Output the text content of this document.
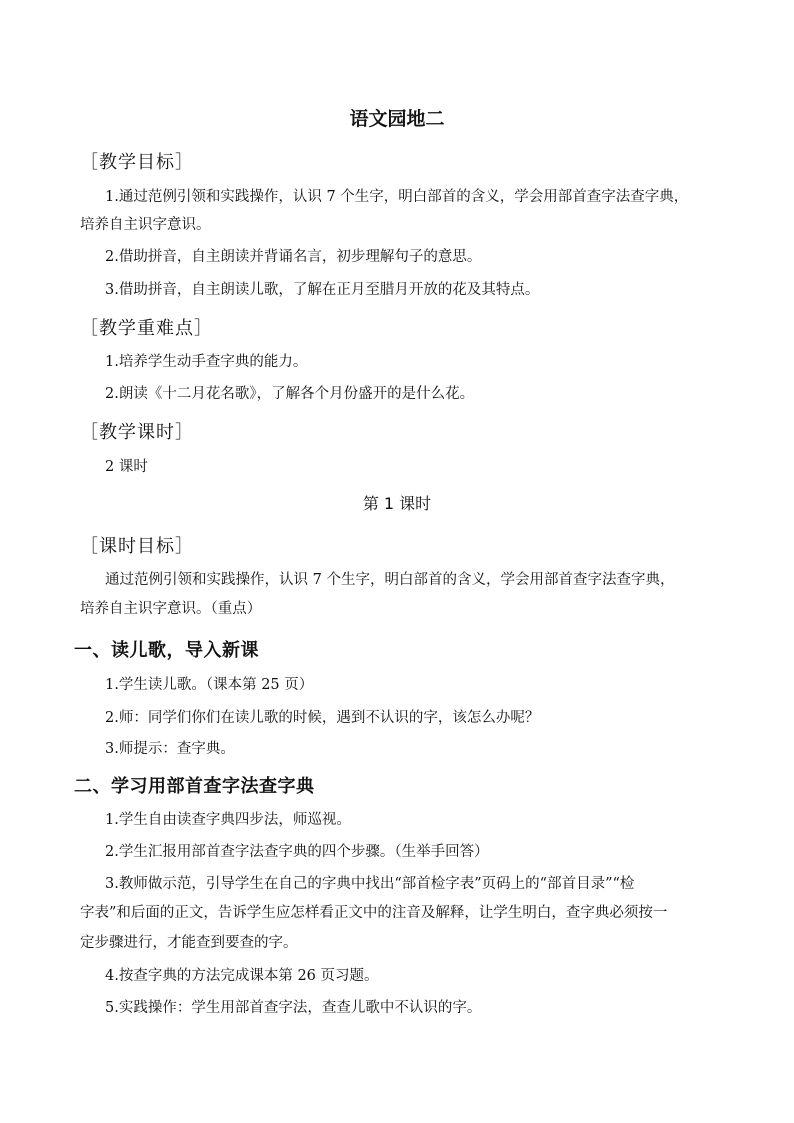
语文园地二
［教学目标］
1.通过范例引领和实践操作，认识 7 个生字，明白部首的含义，学会用部首查字法查字典，
培养自主识字意识。
2.借助拼音，自主朗读并背诵名言，初步理解句子的意思。
3.借助拼音，自主朗读儿歌，了解在正月至腊月开放的花及其特点。
［教学重难点］
1.培养学生动手查字典的能力。
2.朗读《十二月花名歌》，了解各个月份盛开的是什么花。
［教学课时］
2 课时
第 1 课时
［课时目标］
通过范例引领和实践操作，认识 7 个生字，明白部首的含义，学会用部首查字法查字典，
培养自主识字意识。（重点）
一、读儿歌，导入新课
1.学生读儿歌。（课本第 25 页）
2.师：同学们你们在读儿歌的时候，遇到不认识的字，该怎么办呢？
3.师提示：查字典。
二、学习用部首查字法查字典
1.学生自由读查字典四步法，师巡视。
2.学生汇报用部首查字法查字典的四个步骤。（生举手回答）
3.教师做示范，引导学生在自己的字典中找出“部首检字表”页码上的“部首目录”“检
字表”和后面的正文，告诉学生应怎样看正文中的注音及解释，让学生明白，查字典必须按一
定步骤进行，才能查到要查的字。
4.按查字典的方法完成课本第 26 页习题。
5.实践操作：学生用部首查字法，查查儿歌中不认识的字。
